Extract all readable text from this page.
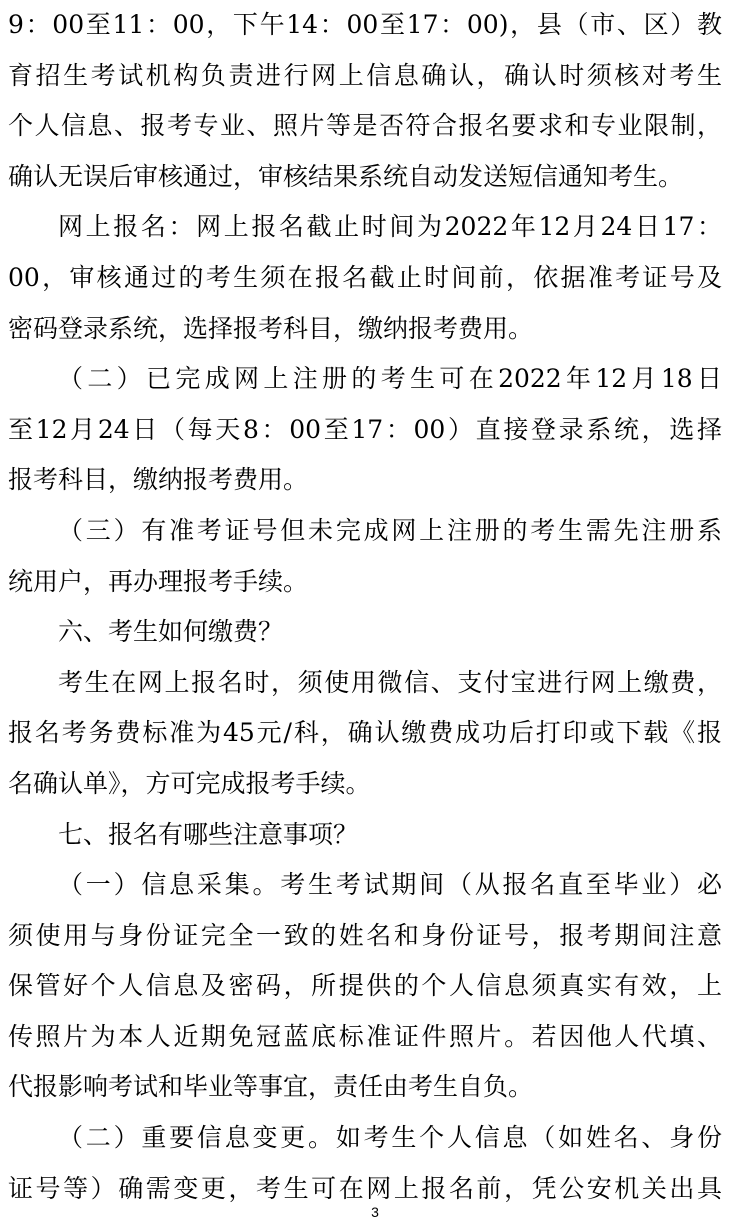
9：00至11：00，下午14：00至17：00)，县（市、区）教
育招生考试机构负责进行网上信息确认，确认时须核对考生
个人信息、报考专业、照片等是否符合报名要求和专业限制，
确认无误后审核通过，审核结果系统自动发送短信通知考生。
网上报名：网上报名截止时间为2022年12月24日17：
00，审核通过的考生须在报名截止时间前，依据准考证号及
密码登录系统，选择报考科目，缴纳报考费用。
（二）已完成网上注册的考生可在2022年12月18日
至12月24日（每天8：00至17：00）直接登录系统，选择
报考科目，缴纳报考费用。
（三）有准考证号但未完成网上注册的考生需先注册系
统用户，再办理报考手续。
六、考生如何缴费？
考生在网上报名时，须使用微信、支付宝进行网上缴费，
报名考务费标准为45元/科，确认缴费成功后打印或下载《报
名确认单》，方可完成报考手续。
七、报名有哪些注意事项？
（一）信息采集。考生考试期间（从报名直至毕业）必
须使用与身份证完全一致的姓名和身份证号，报考期间注意
保管好个人信息及密码，所提供的个人信息须真实有效，上
传照片为本人近期免冠蓝底标准证件照片。若因他人代填、
代报影响考试和毕业等事宜，责任由考生自负。
（二）重要信息变更。如考生个人信息（如姓名、身份
证号等）确需变更，考生可在网上报名前，凭公安机关出具
3
